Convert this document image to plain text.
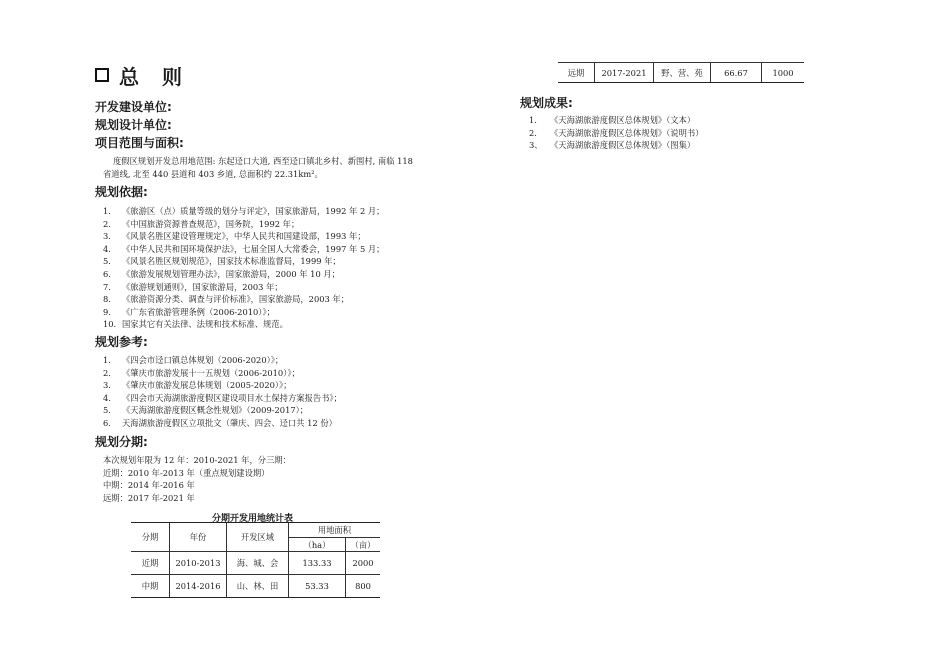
总 则
开发建设单位:
规划设计单位:
项目范围与面积:
度假区规划开发总用地范围: 东起迳口大道, 西至迳口镇北乡村、新围村, 南临 118
省道线, 北至 440 县道和 403 乡道, 总面积约 22.31km²。
规划依据:
1. 《旅游区（点）质量等级的划分与评定》，国家旅游局，1992 年 2 月；
2. 《中国旅游资源普查规范》，国务院，1992 年；
3. 《风景名胜区建设管理规定》，中华人民共和国建设部，1993 年；
4. 《中华人民共和国环境保护法》，七届全国人大常委会，1997 年 5 月；
5. 《风景名胜区规划规范》，国家技术标准监督局，1999 年；
6. 《旅游发展规划管理办法》，国家旅游局，2000 年 10 月；
7. 《旅游规划通则》，国家旅游局，2003 年；
8. 《旅游资源分类、调查与评价标准》，国家旅游局，2003 年；
9. 《广东省旅游管理条例（2006-2010）》；
10. 国家其它有关法律、法规和技术标准、规范。
规划参考:
1. 《四会市迳口镇总体规划（2006-2020）》；
2. 《肇庆市旅游发展十一五规划（2006-2010）》；
3. 《肇庆市旅游发展总体规划（2005-2020）》；
4. 《四会市天海湖旅游度假区建设项目水土保持方案报告书》；
5. 《天海湖旅游度假区概念性规划》（2009-2017）；
6. 天海湖旅游度假区立项批文（肇庆、四会、迳口共 12 份）
规划分期:
本次规划年限为 12 年：2010-2021 年，分三期：
近期：2010 年-2013 年（重点规划建设期）
中期：2014 年-2016 年
远期：2017 年-2021 年
分期开发用地统计表
分期	年份	开发区域	用地面积	
			（ha）	（亩）
近期	2010-2013	海、城、会	133.33	2000
中期	2014-2016	山、林、田	53.33	800
远期	2017-2021	野、营、苑	66.67	1000
规划成果:
1. 《天海湖旅游度假区总体规划》（文本）
2. 《天海湖旅游度假区总体规划》（说明书）
3、 《天海湖旅游度假区总体规划》（图集）
